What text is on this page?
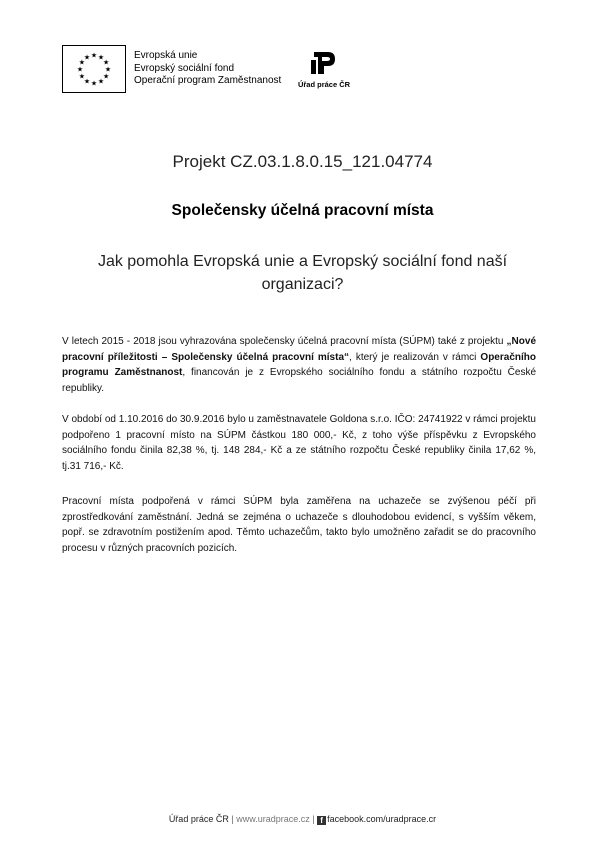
★ ★
★
★
★
★
★
★
★
★
★
★	Evropská unie
Evropský sociální fond
Operační program Zaměstnanost	Úřad práce ČR
Projekt CZ.03.1.8.0.15_121.04774
Společensky účelná pracovní místa
Jak pomohla Evropská unie a Evropský sociální fond naší organizaci?
V letech 2015 - 2018 jsou vyhrazována společensky účelná pracovní místa (SÚPM) také z projektu „Nové pracovní příležitosti – Společensky účelná pracovní místa“, který je realizován v rámci Operačního programu Zaměstnanost, financován je z Evropského sociálního fondu a státního rozpočtu České republiky.
V období od 1.10.2016 do 30.9.2016 bylo u zaměstnavatele Goldona s.r.o. IČO: 24741922 v rámci projektu podpořeno 1 pracovní místo na SÚPM částkou 180 000,- Kč, z toho výše příspěvku z Evropského sociálního fondu činila 82,38 %, tj. 148 284,- Kč a ze státního rozpočtu České republiky činila 17,62 %, tj.31 716,- Kč.
Pracovní místa podpořená v rámci SÚPM byla zaměřena na uchazeče se zvýšenou péčí při zprostředkování zaměstnání. Jedná se zejména o uchazeče s dlouhodobou evidencí, s vyšším věkem, popř. se zdravotním postižením apod. Těmto uchazečům, takto bylo umožněno zařadit se do pracovního procesu v různých pracovních pozicích.
Úřad práce ČR | www.uradprace.cz | f facebook.com/uradprace.cr
